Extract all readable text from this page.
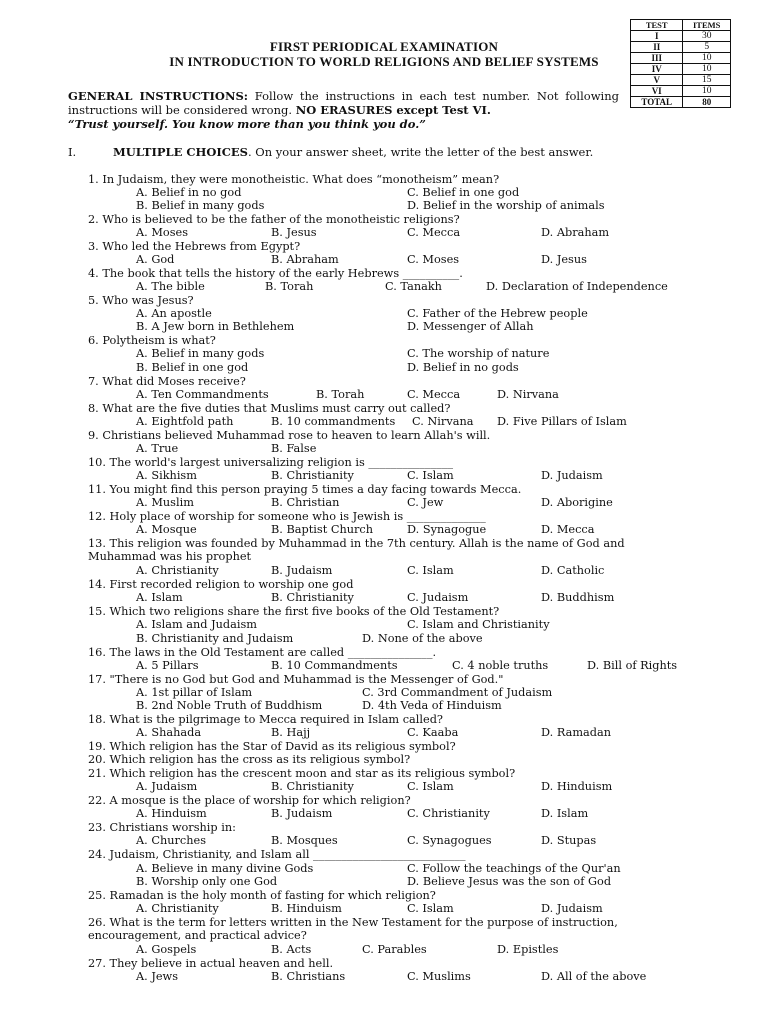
TEST	ITEMS
I	30
II	5
III	10
IV	10
V	15
VI	10
TOTAL	80
FIRST PERIODICAL EXAMINATION
IN INTRODUCTION TO WORLD RELIGIONS AND BELIEF SYSTEMS
GENERAL INSTRUCTIONS: Follow the instructions in each test number. Not following instructions will be considered wrong. NO ERASURES except Test VI.
“Trust yourself. You know more than you think you do.”
I.	MULTIPLE CHOICES. On your answer sheet, write the letter of the best answer.
1. In Judaism, they were monotheistic. What does “monotheism” mean?
A. Belief in no god	C. Belief in one god
B. Belief in many gods	D. Belief in the worship of animals
2. Who is believed to be the father of the monotheistic religions?
A. Moses	B. Jesus	C. Mecca	D. Abraham
3. Who led the Hebrews from Egypt?
A. God	B. Abraham	C. Moses	D. Jesus
4. The book that tells the history of the early Hebrews __________.
A. The bible	B. Torah	C. Tanakh	D. Declaration of Independence
5. Who was Jesus?
A. An apostle	C. Father of the Hebrew people
B. A Jew born in Bethlehem	D. Messenger of Allah
6. Polytheism is what?
A. Belief in many gods	C. The worship of nature
B. Belief in one god	D. Belief in no gods
7. What did Moses receive?
A. Ten Commandments	B. Torah	C. Mecca	D. Nirvana
8. What are the five duties that Muslims must carry out called?
A. Eightfold path	B. 10 commandments C. Nirvana D. Five Pillars of Islam
9. Christians believed Muhammad rose to heaven to learn Allah's will.
A. True	B. False
10. The world's largest universalizing religion is _______________
A. Sikhism	B. Christianity	C. Islam	D. Judaism
11. You might find this person praying 5 times a day facing towards Mecca.
A. Muslim	B. Christian	C. Jew	D. Aborigine
12. Holy place of worship for someone who is Jewish is ______________
A. Mosque	B. Baptist Church	D. Synagogue	D. Mecca
13. This religion was founded by Muhammad in the 7th century. Allah is the name of God and
Muhammad was his prophet
A. Christianity	B. Judaism	C. Islam	D. Catholic
14. First recorded religion to worship one god
A. Islam	B. Christianity	C. Judaism	D. Buddhism
15. Which two religions share the first five books of the Old Testament?
A. Islam and Judaism	C. Islam and Christianity
B. Christianity and Judaism	D. None of the above
16. The laws in the Old Testament are called _______________.
A. 5 Pillars	B. 10 Commandments	C. 4 noble truths	D. Bill of Rights
17. "There is no God but God and Muhammad is the Messenger of God."
A. 1st pillar of Islam	C. 3rd Commandment of Judaism
B. 2nd Noble Truth of Buddhism	D. 4th Veda of Hinduism
18. What is the pilgrimage to Mecca required in Islam called?
A. Shahada	B. Hajj	C. Kaaba	D. Ramadan
19. Which religion has the Star of David as its religious symbol?
20. Which religion has the cross as its religious symbol?
21. Which religion has the crescent moon and star as its religious symbol?
A. Judaism	B. Christianity	C. Islam	D. Hinduism
22. A mosque is the place of worship for which religion?
A. Hinduism	B. Judaism	C. Christianity	D. Islam
23. Christians worship in:
A. Churches	B. Mosques	C. Synagogues	D. Stupas
24. Judaism, Christianity, and Islam all ___________________________
A. Believe in many divine Gods	C. Follow the teachings of the Qur'an
B. Worship only one God	D. Believe Jesus was the son of God
25. Ramadan is the holy month of fasting for which religion?
A. Christianity	B. Hinduism	C. Islam	D. Judaism
26. What is the term for letters written in the New Testament for the purpose of instruction,
encouragement, and practical advice?
A. Gospels	B. Acts	C. Parables	D. Epistles
27. They believe in actual heaven and hell.
A. Jews	B. Christians	C. Muslims	D. All of the above
